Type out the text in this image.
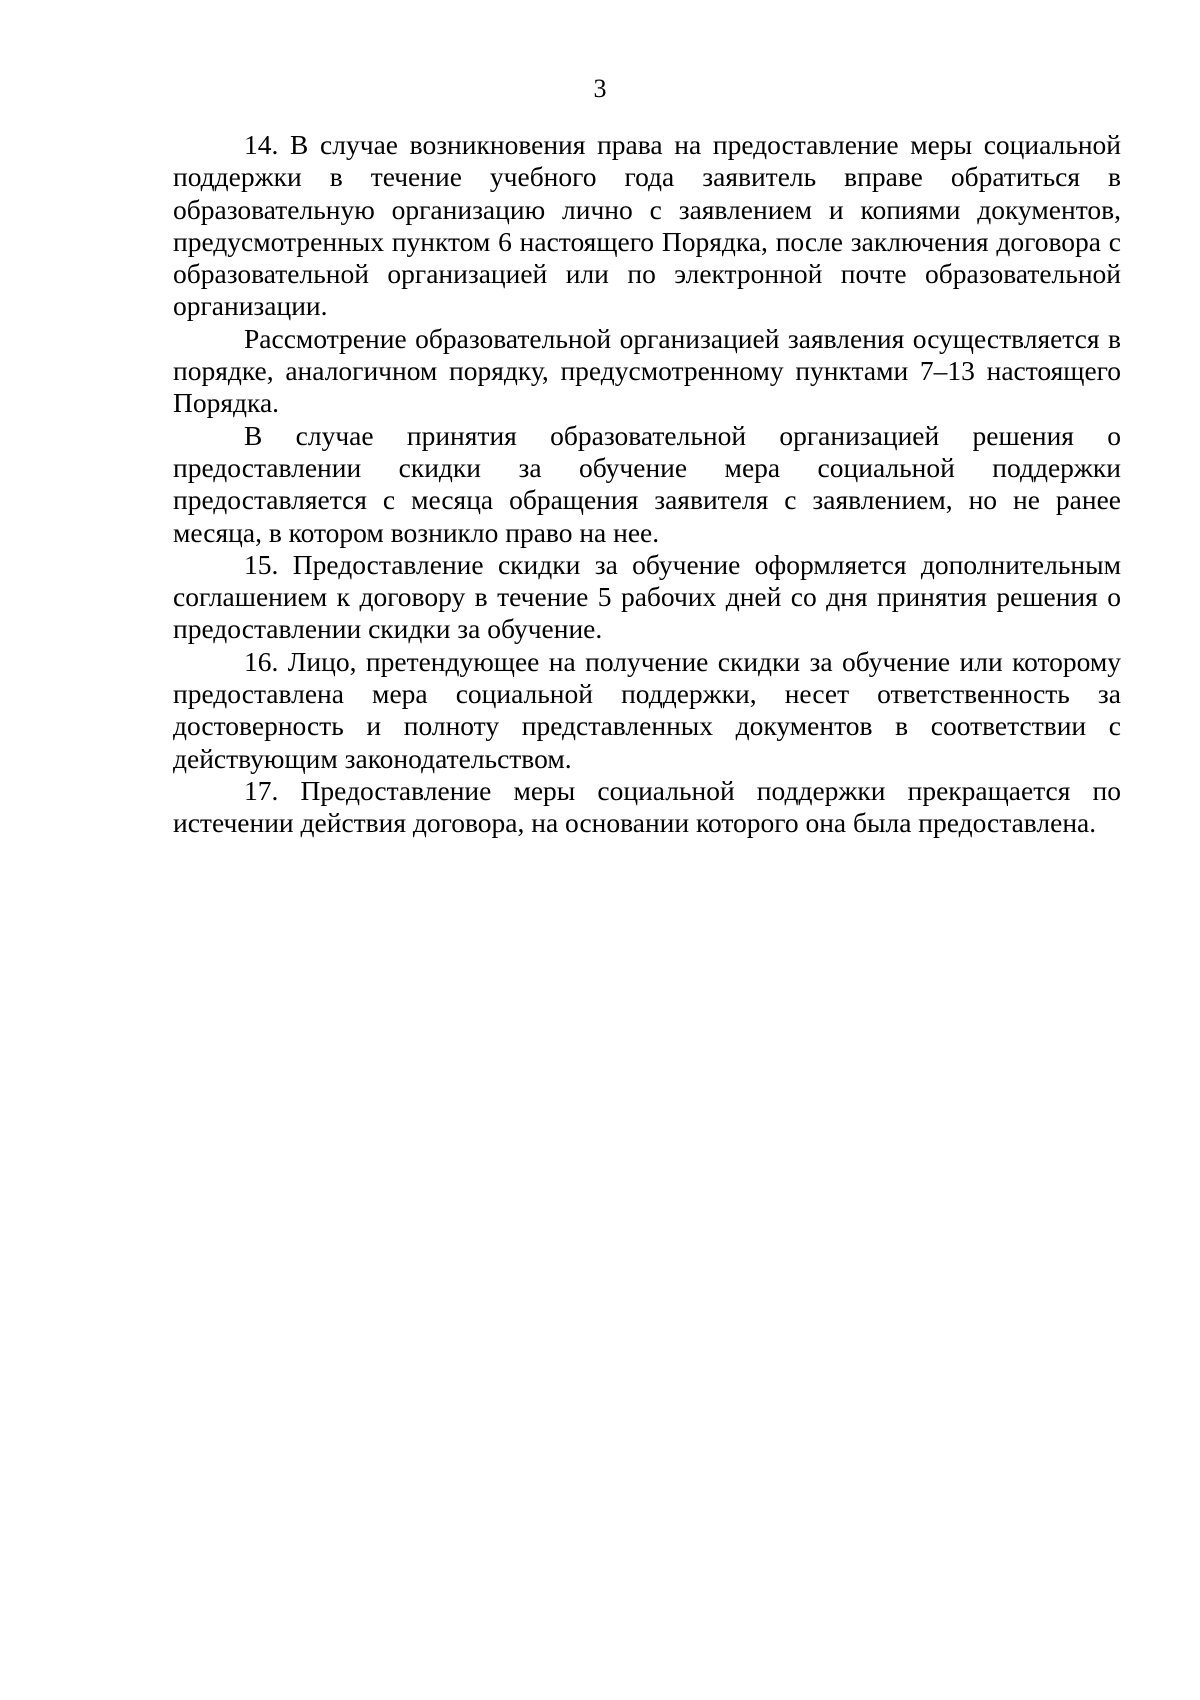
3

14. В случае возникновения права на предоставление меры социальной поддержки в течение учебного года заявитель вправе обратиться в образовательную организацию лично с заявлением и копиями документов, предусмотренных пунктом 6 настоящего Порядка, после заключения договора с образовательной организацией или по электронной почте образовательной организации.

Рассмотрение образовательной организацией заявления осуществляется в порядке, аналогичном порядку, предусмотренному пунктами 7–13 настоящего Порядка.

В случае принятия образовательной организацией решения о предоставлении скидки за обучение мера социальной поддержки предоставляется с месяца обращения заявителя с заявлением, но не ранее месяца, в котором возникло право на нее.

15. Предоставление скидки за обучение оформляется дополнительным соглашением к договору в течение 5 рабочих дней со дня принятия решения о предоставлении скидки за обучение.

16. Лицо, претендующее на получение скидки за обучение или которому предоставлена мера социальной поддержки, несет ответственность за достоверность и полноту представленных документов в соответствии с действующим законодательством.

17. Предоставление меры социальной поддержки прекращается по истечении действия договора, на основании которого она была предоставлена.
